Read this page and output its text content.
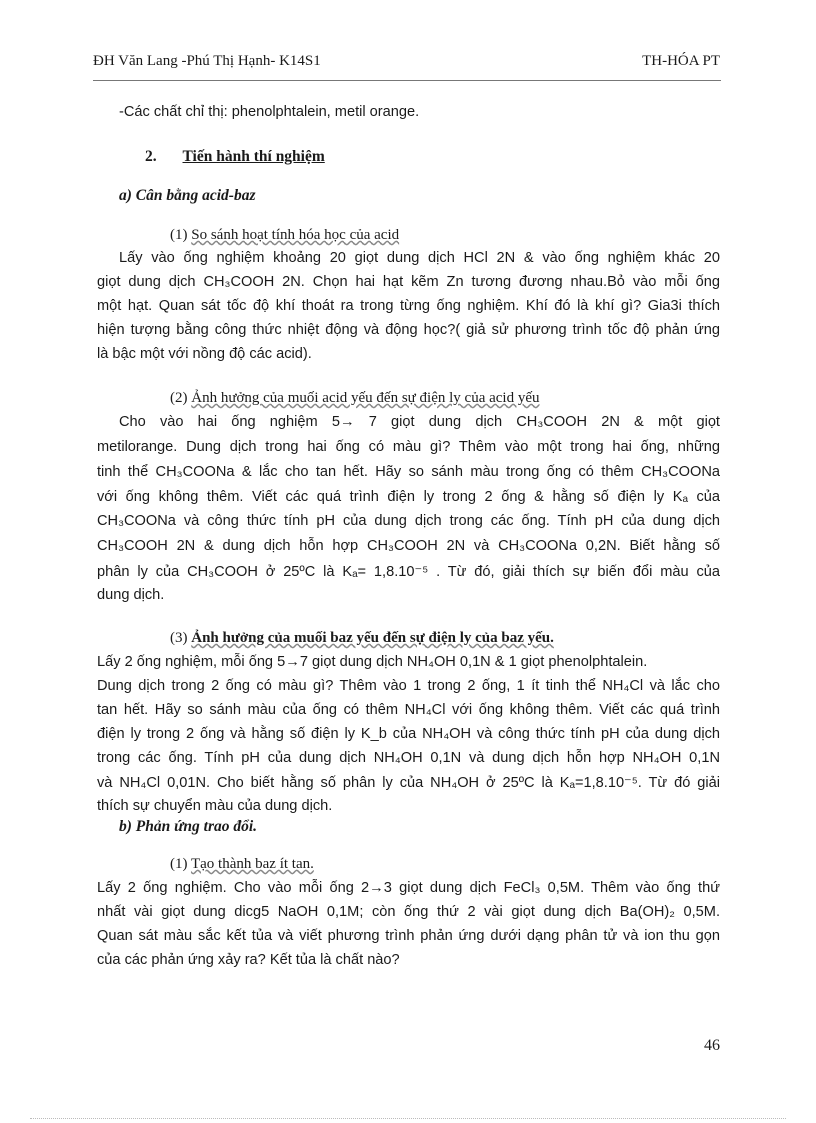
ĐH Văn Lang -Phú Thị Hạnh- K14S1	TH-HÓA PT
-Các chất chỉ thị: phenolphtalein, metil orange.
2. Tiến hành thí nghiệm
a) Cân bằng acid-baz
(1) So sánh hoạt tính hóa học của acid
Lấy vào ống nghiệm khoảng 20 giọt dung dịch HCl 2N & vào ống nghiệm khác 20
giọt dung dịch CH₃COOH 2N. Chọn hai hạt kẽm Zn tương đương nhau.Bỏ vào mỗi ống
một hạt. Quan sát tốc độ khí thoát ra trong từng ống nghiệm. Khí đó là khí gì? Gia3i thích
hiện tượng bằng công thức nhiệt động và động học?( giả sử phương trình tốc độ phản ứng
là bậc một với nồng độ các acid).
(2) Ảnh hưởng của muối acid yếu đến sự điện ly của acid yếu
Cho vào hai ống nghiệm 5→ 7 giọt dung dịch CH₃COOH 2N & một giọt
metilorange. Dung dịch trong hai ống có màu gì? Thêm vào một trong hai ống, những
tinh thể CH₃COONa & lắc cho tan hết. Hãy so sánh màu trong ống có thêm CH₃COONa
với ống không thêm. Viết các quá trình điện ly trong 2 ống & hằng số điện ly Kₐ của
CH₃COONa và công thức tính pH của dung dịch trong các ống. Tính pH của dung dịch
CH₃COOH 2N & dung dịch hỗn hợp CH₃COOH 2N và CH₃COONa 0,2N. Biết hằng số
phân ly của CH₃COOH ở 25ºC là Kₐ= 1,8.10⁻⁵ . Từ đó, giải thích sự biến đổi màu của
dung dịch.
(3) Ảnh hưởng của muối baz yếu đến sự điện ly của baz yếu.
Lấy 2 ống nghiệm, mỗi ống 5→7 giọt dung dịch NH₄OH 0,1N & 1 giọt phenolphtalein.
Dung dịch trong 2 ống có màu gì? Thêm vào 1 trong 2 ống, 1 ít tinh thể NH₄Cl và lắc cho
tan hết. Hãy so sánh màu của ống có thêm NH₄Cl với ống không thêm. Viết các quá trình
điện ly trong 2 ống và hằng số điện ly K_b của NH₄OH và công thức tính pH của dung dịch
trong các ống. Tính pH của dung dịch NH₄OH 0,1N và dung dịch hỗn hợp NH₄OH 0,1N
và NH₄Cl 0,01N. Cho biết hằng số phân ly của NH₄OH ở 25ºC là Kₐ=1,8.10⁻⁵. Từ đó giải
thích sự chuyển màu của dung dịch.
b) Phản ứng trao đổi.
(1) Tạo thành baz ít tan.
Lấy 2 ống nghiệm. Cho vào mỗi ống 2→3 giọt dung dịch FeCl₃ 0,5M. Thêm vào ống thứ
nhất vài giọt dung dicg5 NaOH 0,1M; còn ống thứ 2 vài giọt dung dịch Ba(OH)₂ 0,5M.
Quan sát màu sắc kết tủa và viết phương trình phản ứng dưới dạng phân tử và ion thu gọn
của các phản ứng xảy ra? Kết tủa là chất nào?
46
